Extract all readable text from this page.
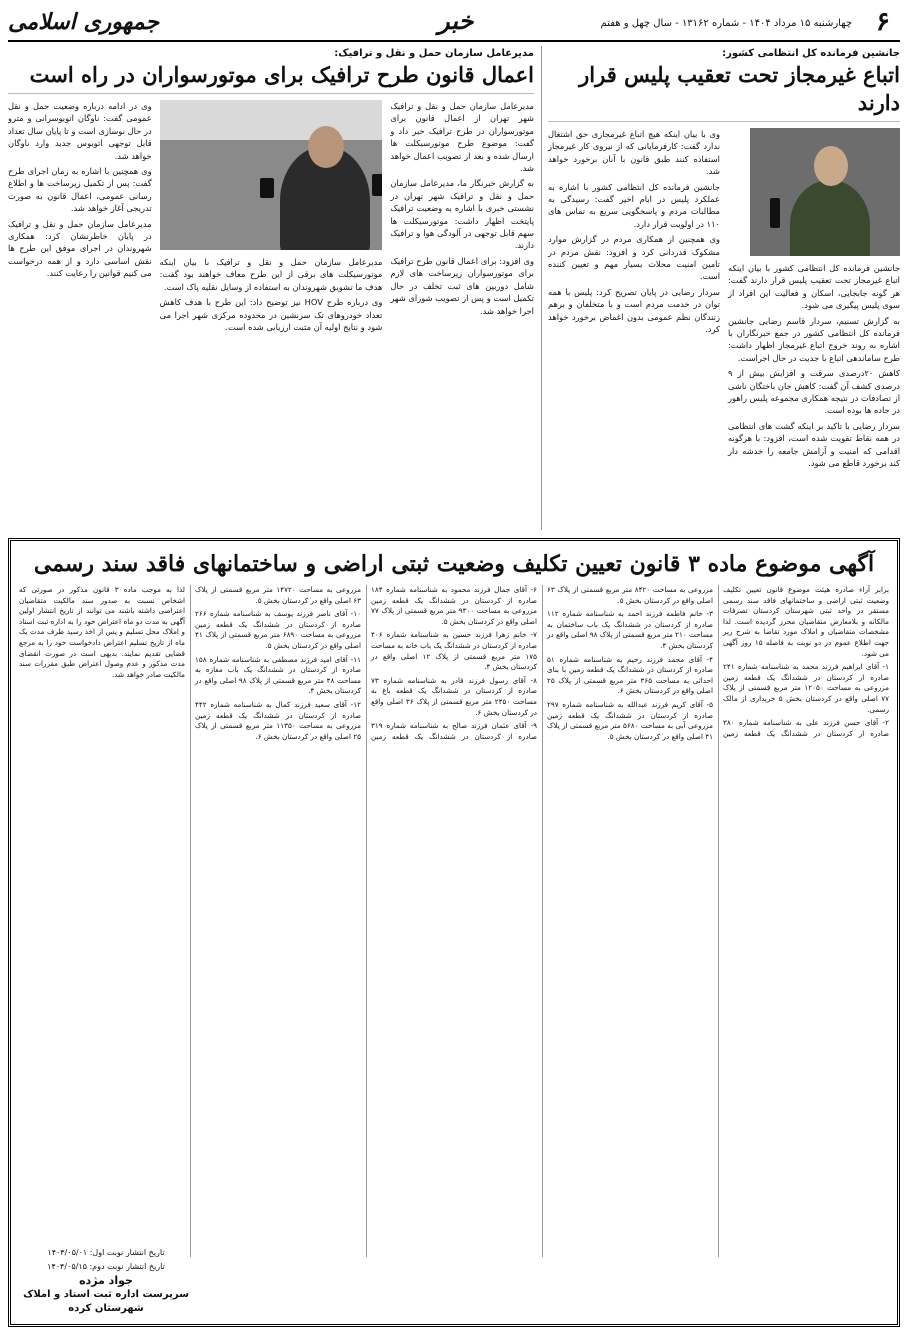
۶
چهارشنبه ۱۵ مرداد ۱۴۰۴ - شماره ۱۳۱۶۲ - سال چهل و هفتم
خبر
جمهوری اسلامی
جانشین فرمانده کل انتظامی کشور:
اتباع غیرمجاز تحت تعقیب پلیس قرار دارند

جانشین فرمانده کل انتظامی کشور با بیان اینکه اتباع غیرمجاز تحت تعقیب پلیس قرار دارند گفت: هر گونه جابجایی، اسکان و فعالیت این افراد از سوی پلیس پیگیری می شود.

به گزارش تسنیم، سردار قاسم رضایی جانشین فرمانده کل انتظامی کشور در جمع خبرنگاران با اشاره به روند خروج اتباع غیرمجاز اظهار داشت: طرح ساماندهی اتباع با جدیت در حال اجراست.

کاهش ۲۰درصدی سرقت و افزایش بیش از ۹ درصدی کشف آن گفت: کاهش جان باختگان ناشی از تصادفات در نتیجه همکاری مجموعه پلیس راهور در جاده ها بوده است.

سردار رضایی با تاکید بر اینکه گشت های انتظامی در همه نقاط تقویت شده است، افزود: با هرگونه اقدامی که امنیت و آرامش جامعه را خدشه دار کند برخورد قاطع می شود.

وی با بیان اینکه هیچ اتباع غیرمجازی حق اشتغال ندارد گفت: کارفرمایانی که از نیروی کار غیرمجاز استفاده کنند طبق قانون با آنان برخورد خواهد شد.

جانشین فرمانده کل انتظامی کشور با اشاره به عملکرد پلیس در ایام اخیر گفت: رسیدگی به مطالبات مردم و پاسخگویی سریع به تماس های ۱۱۰ در اولویت قرار دارد.

وی همچنین از همکاری مردم در گزارش موارد مشکوک قدردانی کرد و افزود: نقش مردم در تامین امنیت محلات بسیار مهم و تعیین کننده است.

سردار رضایی در پایان تصریح کرد: پلیس با همه توان در خدمت مردم است و با متخلفان و برهم زنندگان نظم عمومی بدون اغماض برخورد خواهد کرد.

مدیرعامل سازمان حمل و نقل و ترافیک:
اعمال قانون طرح ترافیک برای موتورسواران در راه است

مدیرعامل سازمان حمل و نقل و ترافیک شهر تهران از اعمال قانون برای موتورسواران در طرح ترافیک خبر داد و گفت: موضوع طرح موتورسیکلت ها ارسال شده و بعد از تصویب اعمال خواهد شد.

به گزارش خبرنگار ما، مدیرعامل سازمان حمل و نقل و ترافیک شهر تهران در نشستی خبری با اشاره به وضعیت ترافیک پایتخت اظهار داشت: موتورسیکلت ها سهم قابل توجهی در آلودگی هوا و ترافیک دارند.

وی افزود: برای اعمال قانون طرح ترافیک برای موتورسواران زیرساخت های لازم شامل دوربین های ثبت تخلف در حال تکمیل است و پس از تصویب شورای شهر اجرا خواهد شد.

مدیرعامل سازمان حمل و نقل و ترافیک با بیان اینکه موتورسیکلت های برقی از این طرح معاف خواهند بود گفت: هدف ما تشویق شهروندان به استفاده از وسایل نقلیه پاک است.

وی درباره طرح HOV نیز توضیح داد: این طرح با هدف کاهش تعداد خودروهای تک سرنشین در محدوده مرکزی شهر اجرا می شود و نتایج اولیه آن مثبت ارزیابی شده است.

وی در ادامه درباره وضعیت حمل و نقل عمومی گفت: ناوگان اتوبوسرانی و مترو در حال نوسازی است و تا پایان سال تعداد قابل توجهی اتوبوس جدید وارد ناوگان خواهد شد.

وی همچنین با اشاره به زمان اجرای طرح گفت: پس از تکمیل زیرساخت ها و اطلاع رسانی عمومی، اعمال قانون به صورت تدریجی آغاز خواهد شد.

مدیرعامل سازمان حمل و نقل و ترافیک در پایان خاطرنشان کرد: همکاری شهروندان در اجرای موفق این طرح ها نقش اساسی دارد و از همه درخواست می کنیم قوانین را رعایت کنند.

آگهی موضوع ماده ۳ قانون تعیین تکلیف وضعیت ثبتی اراضی و ساختمانهای فاقد سند رسمی

برابر آراء صادره هیئت موضوع قانون تعیین تکلیف وضعیت ثبتی اراضی و ساختمانهای فاقد سند رسمی مستقر در واحد ثبتی شهرستان کردستان تصرفات مالکانه و بلامعارض متقاضیان محرز گردیده است. لذا مشخصات متقاضیان و املاک مورد تقاضا به شرح زیر جهت اطلاع عموم در دو نوبت به فاصله ۱۵ روز آگهی می شود.

۱- آقای ابراهیم فرزند محمد به شناسنامه شماره ۲۴۱ صادره از کردستان در ششدانگ یک قطعه زمین مزروعی به مساحت ۱۲۰۵۰ متر مربع قسمتی از پلاک ۷۷ اصلی واقع در کردستان بخش ۵ خریداری از مالک رسمی.

۲- آقای حسن فرزند علی به شناسنامه شماره ۳۸۰ صادره از کردستان در ششدانگ یک قطعه زمین مزروعی به مساحت ۸۴۲۰ متر مربع قسمتی از پلاک ۶۳ اصلی واقع در کردستان بخش ۵.

۳- خانم فاطمه فرزند احمد به شناسنامه شماره ۱۱۲ صادره از کردستان در ششدانگ یک باب ساختمان به مساحت ۲۱۰ متر مربع قسمتی از پلاک ۹۸ اصلی واقع در کردستان بخش ۴.

۴- آقای محمد فرزند رحیم به شناسنامه شماره ۵۱ صادره از کردستان در ششدانگ یک قطعه زمین با بنای احداثی به مساحت ۳۶۵ متر مربع قسمتی از پلاک ۲۵ اصلی واقع در کردستان بخش ۶.

۵- آقای کریم فرزند عبدالله به شناسنامه شماره ۲۹۷ صادره از کردستان در ششدانگ یک قطعه زمین مزروعی آبی به مساحت ۵۶۸۰ متر مربع قسمتی از پلاک ۴۱ اصلی واقع در کردستان بخش ۵.

۶- آقای جمال فرزند محمود به شناسنامه شماره ۱۸۴ صادره از کردستان در ششدانگ یک قطعه زمین مزروعی به مساحت ۹۳۰۰ متر مربع قسمتی از پلاک ۷۷ اصلی واقع در کردستان بخش ۵.

۷- خانم زهرا فرزند حسین به شناسنامه شماره ۴۰۶ صادره از کردستان در ششدانگ یک باب خانه به مساحت ۱۷۵ متر مربع قسمتی از پلاک ۱۲ اصلی واقع در کردستان بخش ۴.

۸- آقای رسول فرزند قادر به شناسنامه شماره ۷۳ صادره از کردستان در ششدانگ یک قطعه باغ به مساحت ۲۴۵۰ متر مربع قسمتی از پلاک ۳۶ اصلی واقع در کردستان بخش ۶.

۹- آقای عثمان فرزند صالح به شناسنامه شماره ۳۱۹ صادره از کردستان در ششدانگ یک قطعه زمین مزروعی به مساحت ۱۴۷۲۰ متر مربع قسمتی از پلاک ۶۳ اصلی واقع در کردستان بخش ۵.

۱۰- آقای ناصر فرزند یوسف به شناسنامه شماره ۲۶۶ صادره از کردستان در ششدانگ یک قطعه زمین مزروعی به مساحت ۶۸۹۰ متر مربع قسمتی از پلاک ۴۱ اصلی واقع در کردستان بخش ۵.

۱۱- آقای امید فرزند مصطفی به شناسنامه شماره ۱۵۸ صادره از کردستان در ششدانگ یک باب مغازه به مساحت ۴۸ متر مربع قسمتی از پلاک ۹۸ اصلی واقع در کردستان بخش ۴.

۱۲- آقای سعید فرزند کمال به شناسنامه شماره ۴۴۲ صادره از کردستان در ششدانگ یک قطعه زمین مزروعی به مساحت ۱۱۳۵۰ متر مربع قسمتی از پلاک ۲۵ اصلی واقع در کردستان بخش ۶.

لذا به موجب ماده ۳ قانون مذکور در صورتی که اشخاص نسبت به صدور سند مالکیت متقاضیان اعتراضی داشته باشند می توانند از تاریخ انتشار اولین آگهی به مدت دو ماه اعتراض خود را به اداره ثبت اسناد و املاک محل تسلیم و پس از اخذ رسید ظرف مدت یک ماه از تاریخ تسلیم اعتراض دادخواست خود را به مرجع قضایی تقدیم نمایند. بدیهی است در صورت انقضای مدت مذکور و عدم وصول اعتراض طبق مقررات سند مالکیت صادر خواهد شد.

تاریخ انتشار نوبت اول: ۱۴۰۴/۰۵/۰۱
تاریخ انتشار نوبت دوم: ۱۴۰۴/۰۵/۱۵
جواد مژده
سرپرست اداره ثبت اسناد و املاک شهرستان کرده
